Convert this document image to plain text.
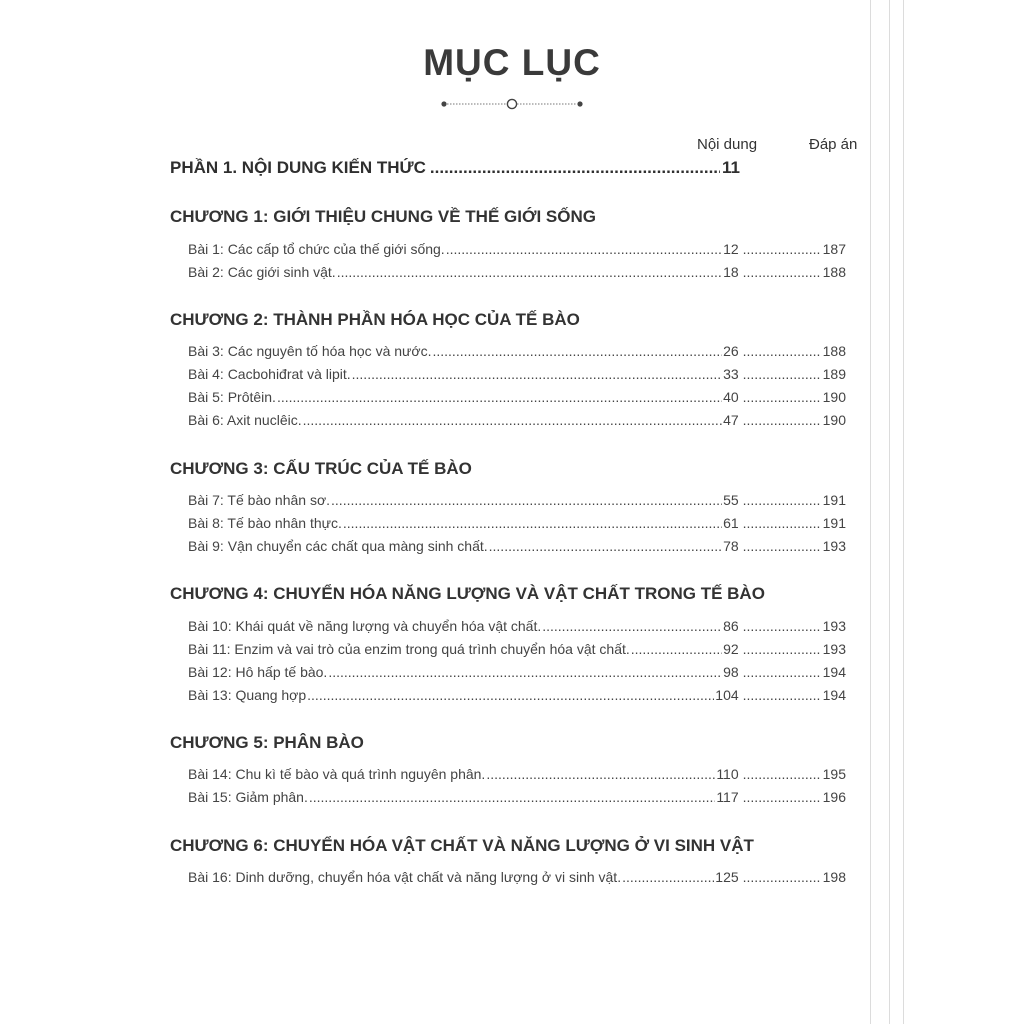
MỤC LỤC
Nội dung	Đáp án
PHẦN 1. NỘI DUNG KIẾN THỨC .....	11
CHƯƠNG 1: GIỚI THIỆU CHUNG VỀ THẾ GIỚI SỐNG
Bài 1: Các cấp tổ chức của thế giới sống. .....	12 .....	187
Bài 2: Các giới sinh vật. .....	18 .....	188
CHƯƠNG 2: THÀNH PHẦN HÓA HỌC CỦA TẾ BÀO
Bài 3: Các nguyên tố hóa học và nước. .....	26 .....	188
Bài 4: Cacbohiđrat và lipit. .....	33 .....	189
Bài 5: Prôtêin. .....	40 .....	190
Bài 6: Axit nuclêic. .....	47 .....	190
CHƯƠNG 3: CẤU TRÚC CỦA TẾ BÀO
Bài 7: Tế bào nhân sơ. .....	55 .....	191
Bài 8: Tế bào nhân thực. .....	61 .....	191
Bài 9: Vận chuyển các chất qua màng sinh chất. .....	78 .....	193
CHƯƠNG 4: CHUYỂN HÓA NĂNG LƯỢNG VÀ VẬT CHẤT TRONG TẾ BÀO
Bài 10: Khái quát về năng lượng và chuyển hóa vật chất. .....	86 .....	193
Bài 11: Enzim và vai trò của enzim trong quá trình chuyển hóa vật chất. .....	92 .....	193
Bài 12: Hô hấp tế bào. .....	98 .....	194
Bài 13: Quang hợp .....	104 .....	194
CHƯƠNG 5: PHÂN BÀO
Bài 14: Chu kì tế bào và quá trình nguyên phân. .....	110 .....	195
Bài 15: Giảm phân. .....	117 .....	196
CHƯƠNG 6: CHUYỂN HÓA VẬT CHẤT VÀ NĂNG LƯỢNG Ở VI SINH VẬT
Bài 16: Dinh dưỡng, chuyển hóa vật chất và năng lượng ở vi sinh vật. .....	125 .....	198
